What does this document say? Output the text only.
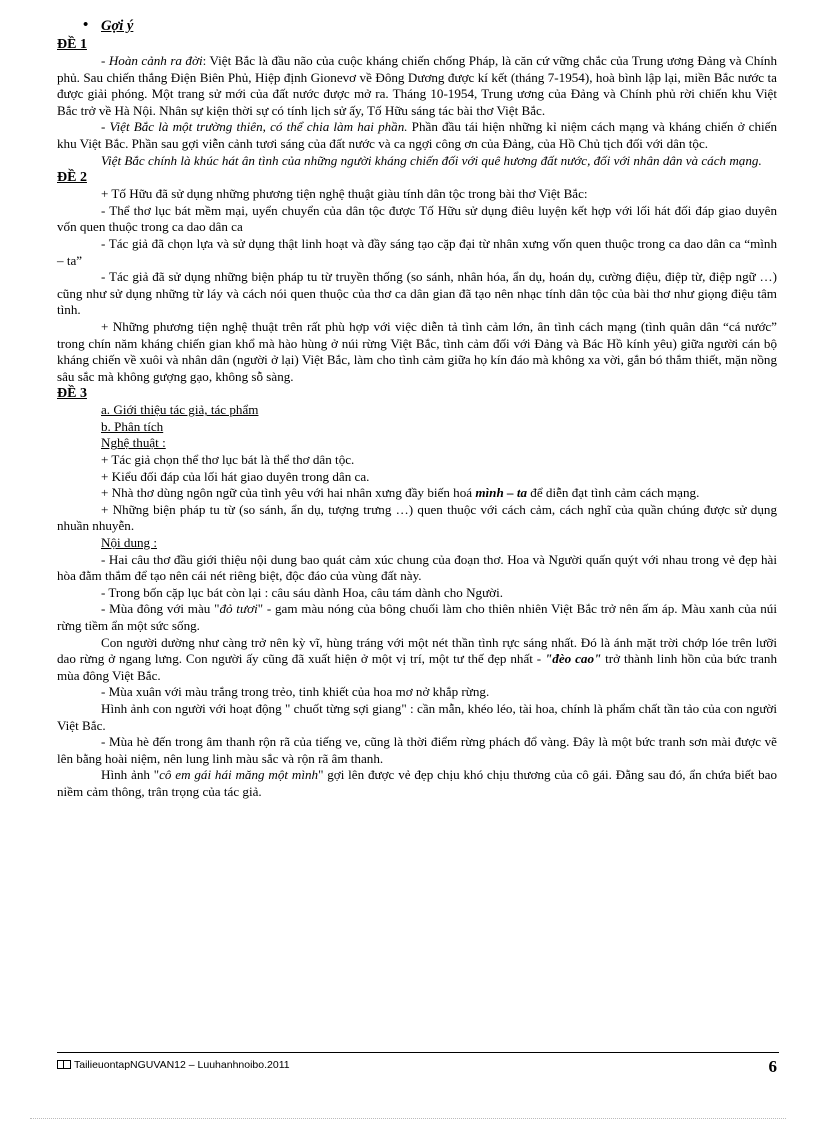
• Gợi ý
ĐỀ 1

- Hoàn cảnh ra đời: Việt Bắc là đầu não của cuộc kháng chiến chống Pháp, là căn cứ vững chắc của Trung ương Đảng và Chính phủ. Sau chiến thắng Điện Biên Phủ, Hiệp định Gionevơ về Đông Dương được kí kết (tháng 7-1954), hoà bình lập lại, miền Bắc nước ta được giải phóng. Một trang sử mới của đất nước được mở ra. Tháng 10-1954, Trung ương của Đảng và Chính phủ rời chiến khu Việt Bắc trở về Hà Nội. Nhân sự kiện thời sự có tính lịch sử ấy, Tố Hữu sáng tác bài thơ Việt Bắc.

- Việt Bắc là một trường thiên, có thể chia làm hai phần. Phần đầu tái hiện những kỉ niệm cách mạng và kháng chiến ở chiến khu Việt Bắc. Phần sau gợi viễn cảnh tươi sáng của đất nước và ca ngợi công ơn của Đảng, của Hồ Chủ tịch đối với dân tộc.

Việt Bắc chính là khúc hát ân tình của những người kháng chiến đối với quê hương đất nước, đối với nhân dân và cách mạng.

ĐỀ 2

+ Tố Hữu đã sử dụng những phương tiện nghệ thuật giàu tính dân tộc trong bài thơ Việt Bắc:

- Thể thơ lục bát mềm mại, uyển chuyển của dân tộc được Tố Hữu sử dụng điêu luyện kết hợp với lối hát đối đáp giao duyên vốn quen thuộc trong ca dao dân ca

- Tác giả đã chọn lựa và sử dụng thật linh hoạt và đầy sáng tạo cặp đại từ nhân xưng vốn quen thuộc trong ca dao dân ca “mình – ta”

- Tác giả đã sử dụng những biện pháp tu từ truyền thống (so sánh, nhân hóa, ẩn dụ, hoán dụ, cường điệu, điệp từ, điệp ngữ …) cũng như sử dụng những từ láy và cách nói quen thuộc của thơ ca dân gian đã tạo nên nhạc tính dân tộc của bài thơ như giọng điệu tâm tình.

+ Những phương tiện nghệ thuật trên rất phù hợp với việc diễn tả tình cảm lớn, ân tình cách mạng (tình quân dân “cá nước” trong chín năm kháng chiến gian khổ mà hào hùng ở núi rừng Việt Bắc, tình cảm đối với Đảng và Bác Hồ kính yêu) giữa người cán bộ kháng chiến về xuôi và nhân dân (người ở lại) Việt Bắc, làm cho tình cảm giữa họ kín đáo mà không xa vời, gắn bó thắm thiết, mặn nồng sâu sắc mà không gượng gạo, không sỗ sàng.

ĐỀ 3

a. Giới thiệu tác giả, tác phẩm

b. Phân tích

Nghệ thuật :

+ Tác giả chọn thể thơ lục bát là thể thơ dân tộc.

+ Kiểu đối đáp của lối hát giao duyên trong dân ca.

+ Nhà thơ dùng ngôn ngữ của tình yêu với hai nhân xưng đầy biến hoá mình – ta để diễn đạt tình cảm cách mạng.

+ Những biện pháp tu từ (so sánh, ẩn dụ, tượng trưng …) quen thuộc với cách cảm, cách nghĩ của quần chúng được sử dụng nhuần nhuyễn.

Nội dung :

- Hai câu thơ đầu giới thiệu nội dung bao quát cảm xúc chung của đoạn thơ. Hoa và Người quấn quýt với nhau trong vẻ đẹp hài hòa đằm thắm để tạo nên cái nét riêng biệt, độc đáo của vùng đất này.

- Trong bốn cặp lục bát còn lại : câu sáu dành Hoa, câu tám dành cho Người.

- Mùa đông với màu "đỏ tươi" - gam màu nóng của bông chuối làm cho thiên nhiên Việt Bắc trở nên ấm áp. Màu xanh của núi rừng tiềm ẩn một sức sống.

Con người dường như càng trở nên kỳ vĩ, hùng tráng với một nét thần tình rực sáng nhất. Đó là ánh mặt trời chớp lóe trên lưỡi dao rừng ở ngang lưng. Con người ấy cũng đã xuất hiện ở một vị trí, một tư thế đẹp nhất - "đèo cao" trở thành linh hồn của bức tranh mùa đông Việt Bắc.

- Mùa xuân với màu trắng trong trẻo, tinh khiết của hoa mơ nở khắp rừng.

Hình ảnh con người với hoạt động " chuốt từng sợi giang" : cần mẫn, khéo léo, tài hoa, chính là phẩm chất tần tảo của con người Việt Bắc.

- Mùa hè đến trong âm thanh rộn rã của tiếng ve, cũng là thời điểm rừng phách đổ vàng. Đây là một bức tranh sơn mài được vẽ lên bằng hoài niệm, nên lung linh màu sắc và rộn rã âm thanh.

Hình ảnh "cô em gái hái măng một mình" gợi lên được vẻ đẹp chịu khó chịu thương của cô gái. Đằng sau đó, ẩn chứa biết bao niềm cảm thông, trân trọng của tác giả.

TailieuontapNGUVAN12 – Luuhanhnoibo.2011	6
